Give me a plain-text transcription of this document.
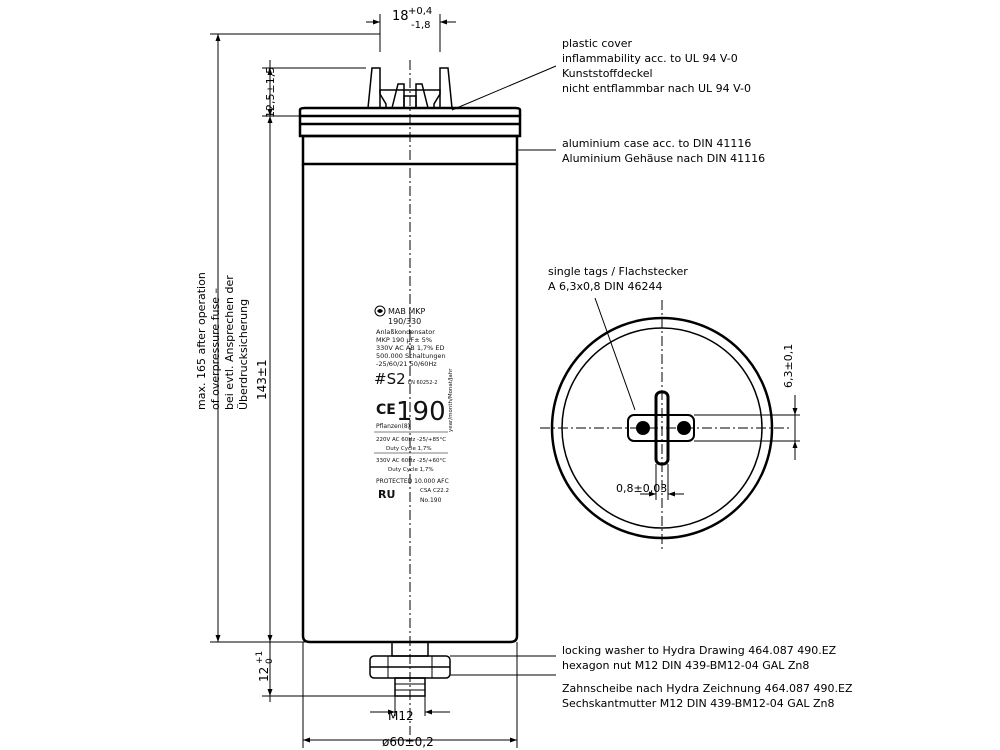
18 +0,4
-1,8
12,5±1,5
143±1
12
+1 0
M12
ø60±0,2
max. 165 after operation of overpressure fuse – bei evtl. Ansprechen der Überdrucksicherung	MAB MKP
190/330
Anlaßkondensator
MKP 190 µF± 5%
330V AC AB 1,7% ED
500.000 Schaltungen
-25/60/21 50/60Hz
#S2 EN 60252-2
CE 190 year/month/Monat/Jahr
Pflanzen(8)
220V AC 60Hz -25/+85°C
Duty Cycle 1,7%
330V AC 60Hz -25/+60°C
Duty Cycle 1,7%
PROTECTED 10.000 AFC
RU	CSA C22.2
No.190
plastic cover
inflammability acc. to UL 94 V-0
Kunststoffdeckel
nicht entflammbar nach UL 94 V-0
aluminium case acc. to DIN 41116
Aluminium Gehäuse nach DIN 41116
locking washer to Hydra Drawing 464.087 490.EZ
hexagon nut M12 DIN 439-BM12-04 GAL Zn8
Zahnscheibe nach Hydra Zeichnung 464.087 490.EZ
Sechskantmutter M12 DIN 439-BM12-04 GAL Zn8
single tags / Flachstecker
A 6,3x0,8 DIN 46244
6,3±0,1
0,8±0,03
